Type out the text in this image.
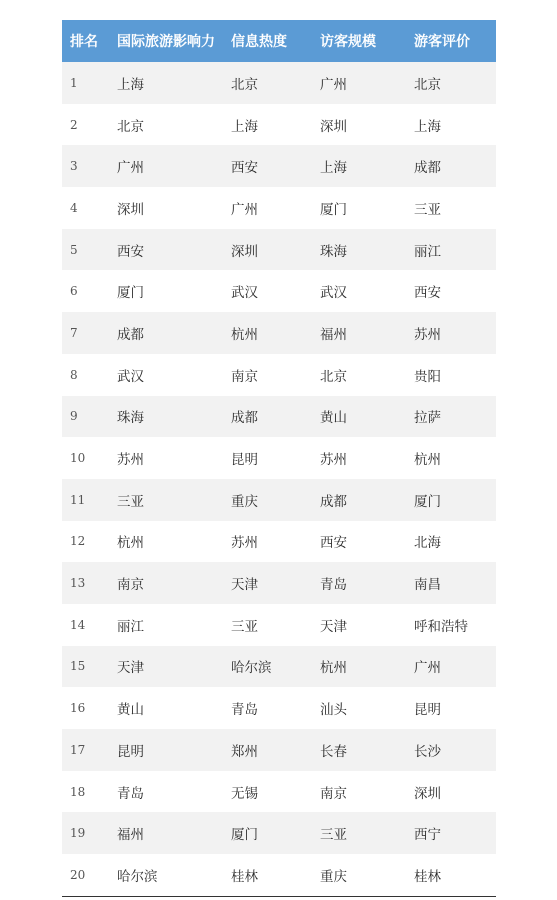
排名	国际旅游影响力	信息热度	访客规模	游客评价
1	上海	北京	广州	北京
2	北京	上海	深圳	上海
3	广州	西安	上海	成都
4	深圳	广州	厦门	三亚
5	西安	深圳	珠海	丽江
6	厦门	武汉	武汉	西安
7	成都	杭州	福州	苏州
8	武汉	南京	北京	贵阳
9	珠海	成都	黄山	拉萨
10	苏州	昆明	苏州	杭州
11	三亚	重庆	成都	厦门
12	杭州	苏州	西安	北海
13	南京	天津	青岛	南昌
14	丽江	三亚	天津	呼和浩特
15	天津	哈尔滨	杭州	广州
16	黄山	青岛	汕头	昆明
17	昆明	郑州	长春	长沙
18	青岛	无锡	南京	深圳
19	福州	厦门	三亚	西宁
20	哈尔滨	桂林	重庆	桂林
